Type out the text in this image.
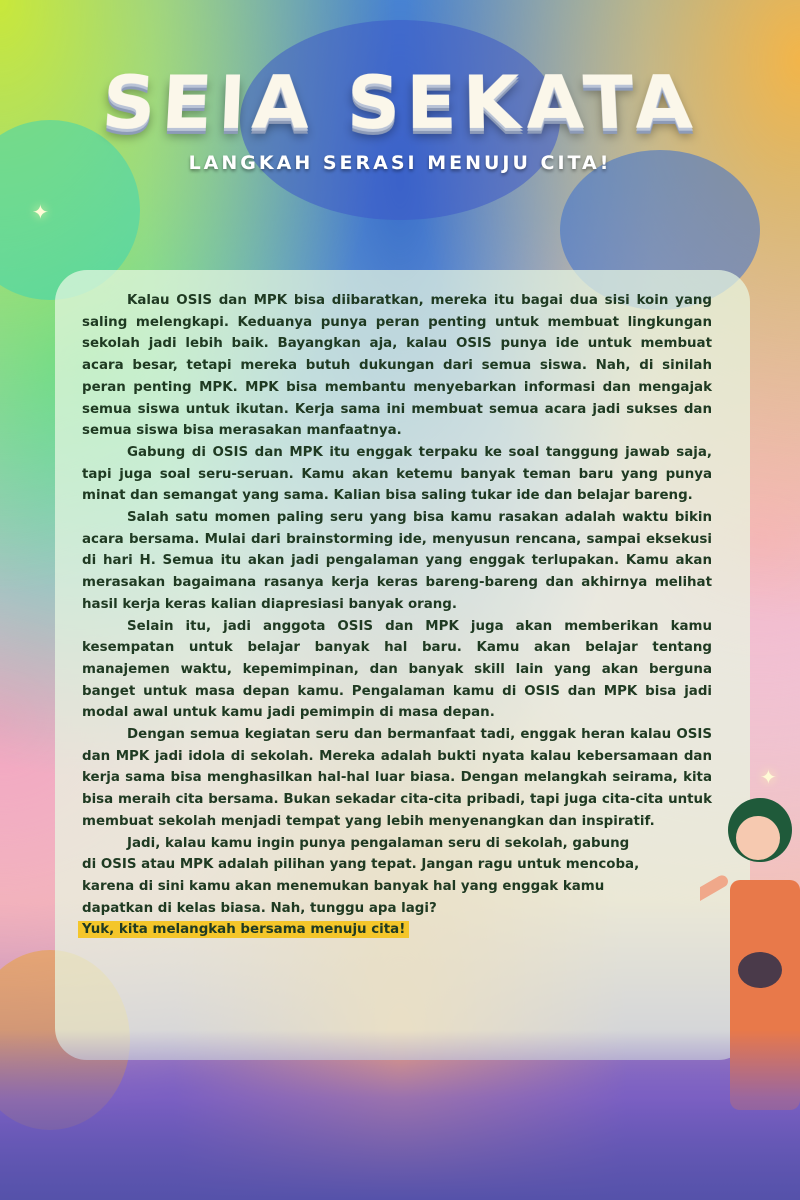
SEIA SEKATA
LANGKAH SERASI MENUJU CITA!
✦
✦

Kalau OSIS dan MPK bisa diibaratkan, mereka itu bagai dua sisi koin yang saling melengkapi. Keduanya punya peran penting untuk membuat lingkungan sekolah jadi lebih baik. Bayangkan aja, kalau OSIS punya ide untuk membuat acara besar, tetapi mereka butuh dukungan dari semua siswa. Nah, di sinilah peran penting MPK. MPK bisa membantu menyebarkan informasi dan mengajak semua siswa untuk ikutan. Kerja sama ini membuat semua acara jadi sukses dan semua siswa bisa merasakan manfaatnya.

Gabung di OSIS dan MPK itu enggak terpaku ke soal tanggung jawab saja, tapi juga soal seru-seruan. Kamu akan ketemu banyak teman baru yang punya minat dan semangat yang sama. Kalian bisa saling tukar ide dan belajar bareng.

Salah satu momen paling seru yang bisa kamu rasakan adalah waktu bikin acara bersama. Mulai dari brainstorming ide, menyusun rencana, sampai eksekusi di hari H. Semua itu akan jadi pengalaman yang enggak terlupakan. Kamu akan merasakan bagaimana rasanya kerja keras bareng-bareng dan akhirnya melihat hasil kerja keras kalian diapresiasi banyak orang.

Selain itu, jadi anggota OSIS dan MPK juga akan memberikan kamu kesempatan untuk belajar banyak hal baru. Kamu akan belajar tentang manajemen waktu, kepemimpinan, dan banyak skill lain yang akan berguna banget untuk masa depan kamu. Pengalaman kamu di OSIS dan MPK bisa jadi modal awal untuk kamu jadi pemimpin di masa depan.

Dengan semua kegiatan seru dan bermanfaat tadi, enggak heran kalau OSIS dan MPK jadi idola di sekolah. Mereka adalah bukti nyata kalau kebersamaan dan kerja sama bisa menghasilkan hal-hal luar biasa. Dengan melangkah seirama, kita bisa meraih cita bersama. Bukan sekadar cita-cita pribadi, tapi juga cita-cita untuk membuat sekolah menjadi tempat yang lebih menyenangkan dan inspiratif.

Jadi, kalau kamu ingin punya pengalaman seru di sekolah, gabung di OSIS atau MPK adalah pilihan yang tepat. Jangan ragu untuk mencoba, karena di sini kamu akan menemukan banyak hal yang enggak kamu dapatkan di kelas biasa. Nah, tunggu apa lagi?

Yuk, kita melangkah bersama menuju cita!
